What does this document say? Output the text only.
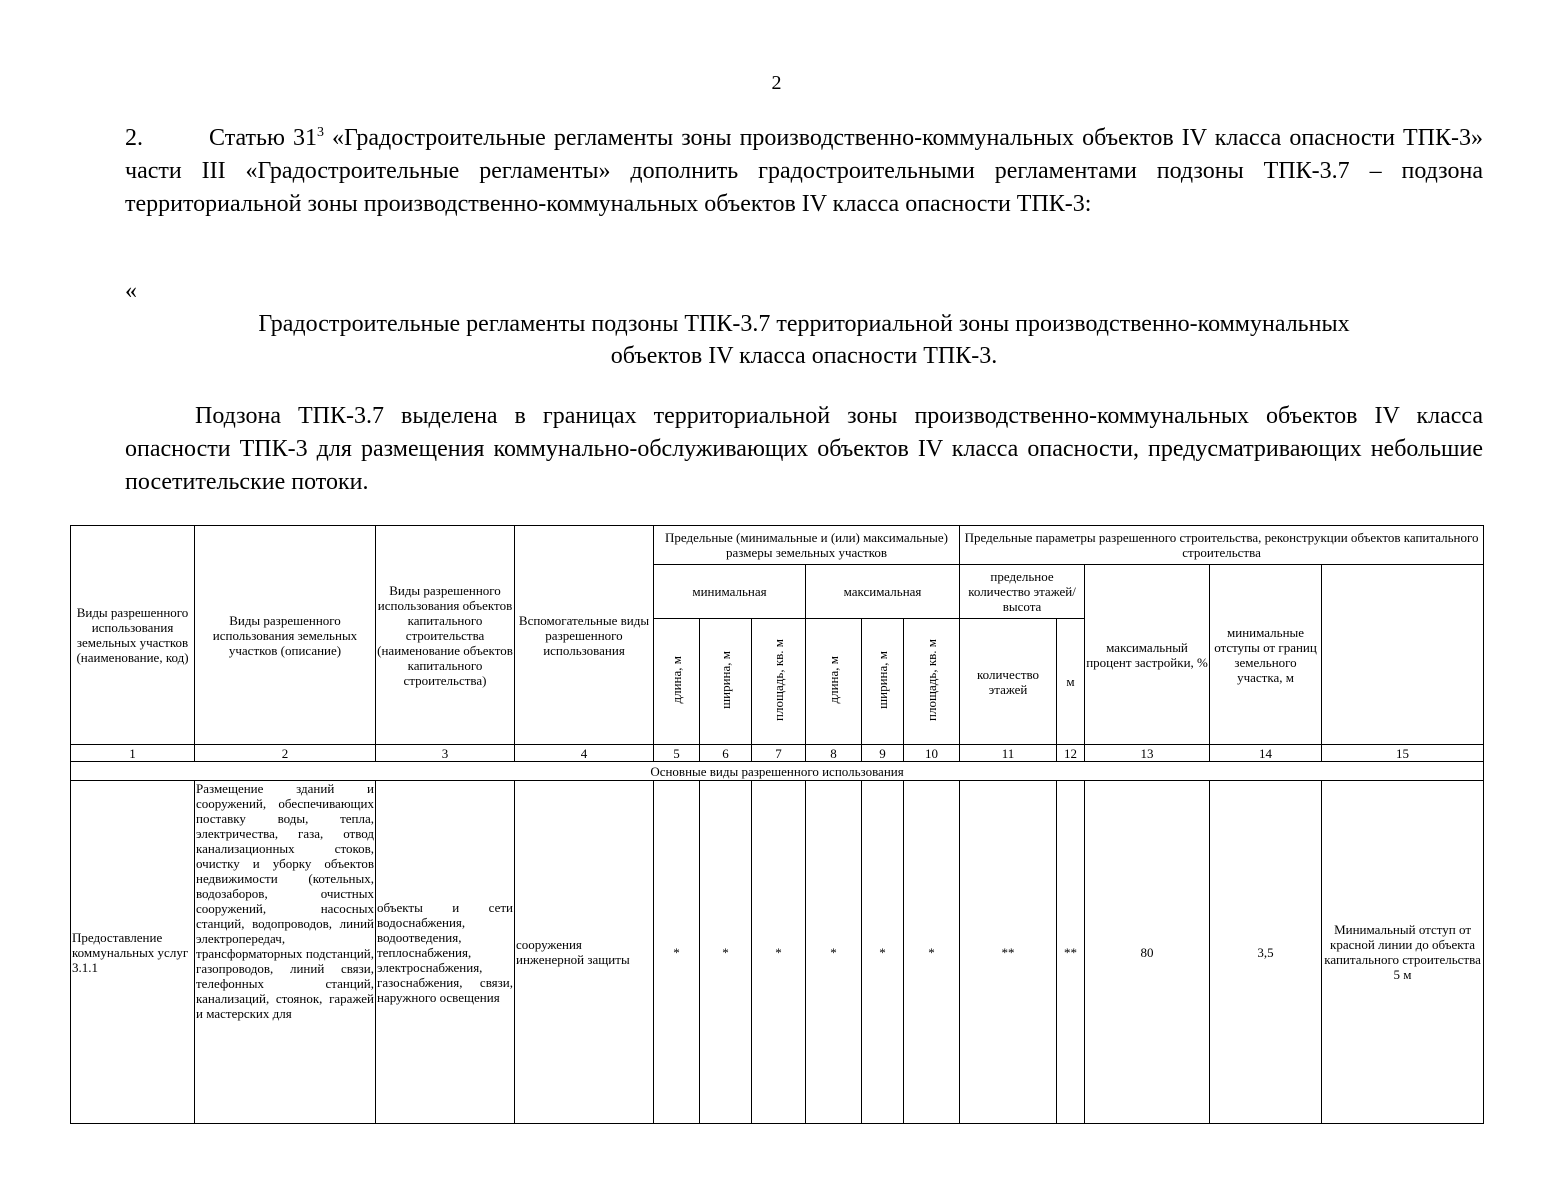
2

2.	Статью $31^3$ «Градостроительные регламенты зоны производственно-коммунальных объектов IV класса опасности ТПК-3» части III «Градостроительные регламенты» дополнить градостроительными регламентами подзоны ТПК-3.7 – подзона территориальной зоны производственно-коммунальных объектов IV класса опасности ТПК-3:

«

Градостроительные регламенты подзоны ТПК-3.7 территориальной зоны производственно-коммунальных
объектов IV класса опасности ТПК-3.

Подзона ТПК-3.7 выделена в границах территориальной зоны производственно-коммунальных объектов IV класса опасности ТПК-3 для размещения коммунально-обслуживающих объектов IV класса опасности, предусматривающих небольшие посетительские потоки.

Виды разрешенного использования земельных участков (наименование, код)	Виды разрешенного использования земельных участков (описание)	Виды разрешенного использования объектов капитального строительства (наименование объектов капитального строительства)	Вспомогательные виды разрешенного использования	Предельные (минимальные и (или) максимальные) размеры земельных участков						Предельные параметры разрешенного строительства, реконструкции объектов капитального строительства	
				минимальная			максимальная			предельное количество этажей/высота		максимальный процент застройки, %	минимальные отступы от границ земельного участка, м		

				длина, м	ширина, м	площадь, кв. м	длина, м	ширина, м	площадь, кв. м	количество этажей	м				
1	2	3	4	5	6	7	8	9	10	11	12	13	14	15	
Основные виды разрешенного использования															
Предоставление коммунальных услуг 3.1.1	Размещение зданий и сооружений, обеспечивающих поставку воды, тепла, электричества, газа, отвод канализационных стоков, очистку и уборку объектов недвижимости (котельных, водозаборов, очистных сооружений, насосных станций, водопроводов, линий электропередач, трансформаторных подстанций, газопроводов, линий связи, телефонных станций, канализаций, стоянок, гаражей и мастерских для	объекты и сети водоснабжения, водоотведения, теплоснабжения, электроснабжения, газоснабжения, связи, наружного освещения	сооружения инженерной защиты	*	*	*	*	*	*	**	**	80	3,5	Минимальный отступ от красной линии до объекта капитального строительства 5 м	
